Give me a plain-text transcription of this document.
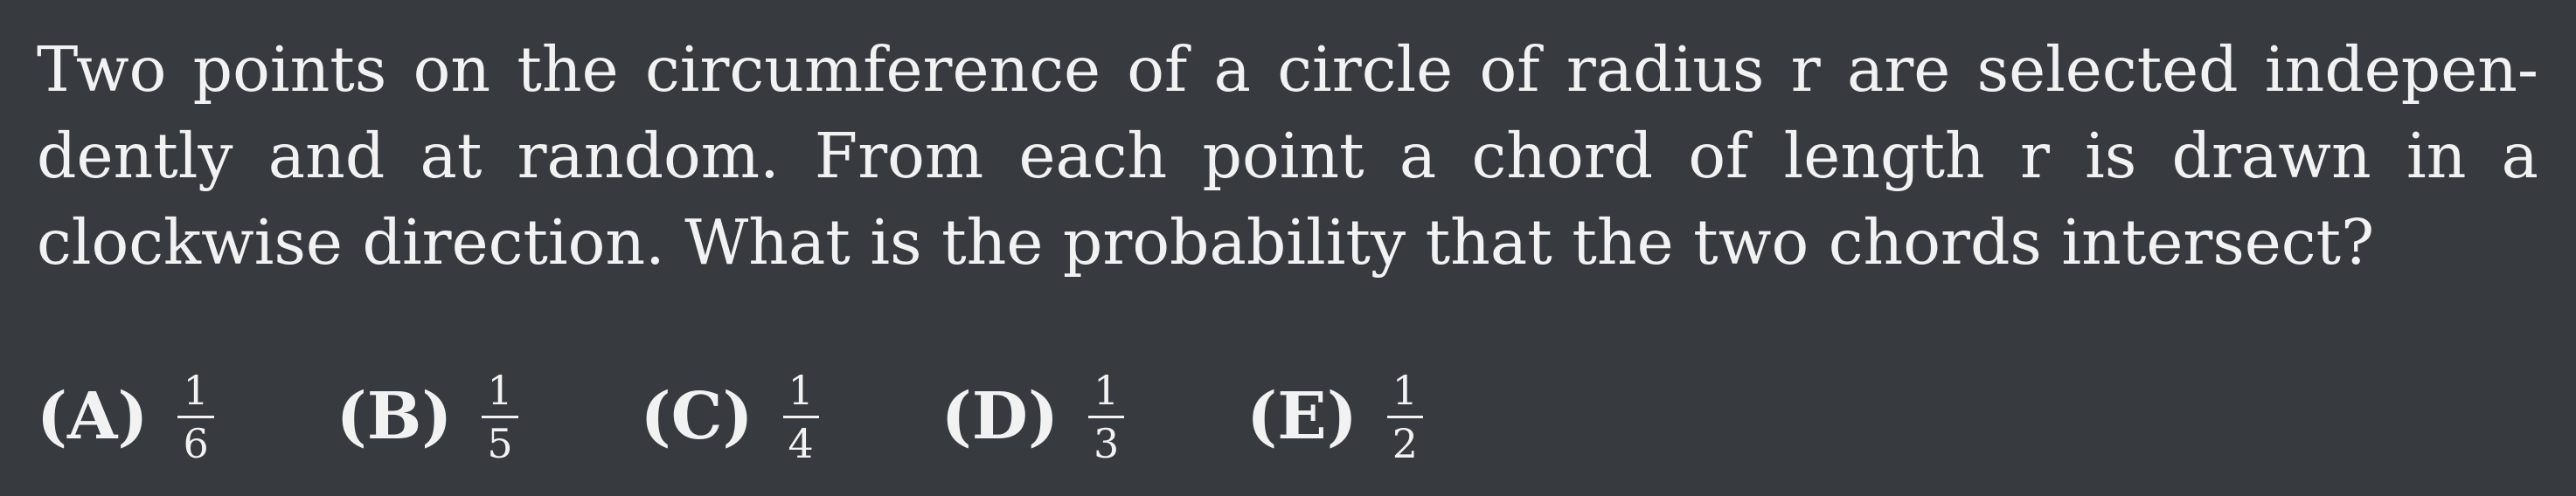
Two points on the circumference of a circle of radius r are selected indepen-dently and at random. From each point a chord of length r is drawn in a clockwise direction. What is the probability that the two chords intersect?

$(A) \frac{1}{6} (B) \frac{1}{5} (C) \frac{1}{4} (D) \frac{1}{3} (E) \frac{1}{2}$
